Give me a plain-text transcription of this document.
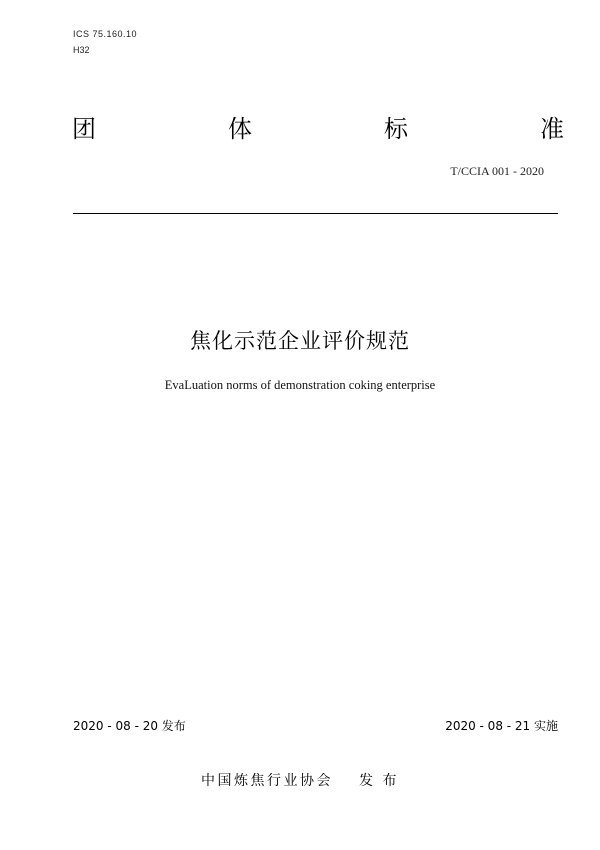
ICS 75.160.10
H32
团	体	标	准
T/CCIA 001 - 2020
焦化示范企业评价规范
EvaLuation norms of demonstration coking enterprise
2020 - 08 - 20 发布	2020 - 08 - 21 实施
中国炼焦行业协会 发 布
